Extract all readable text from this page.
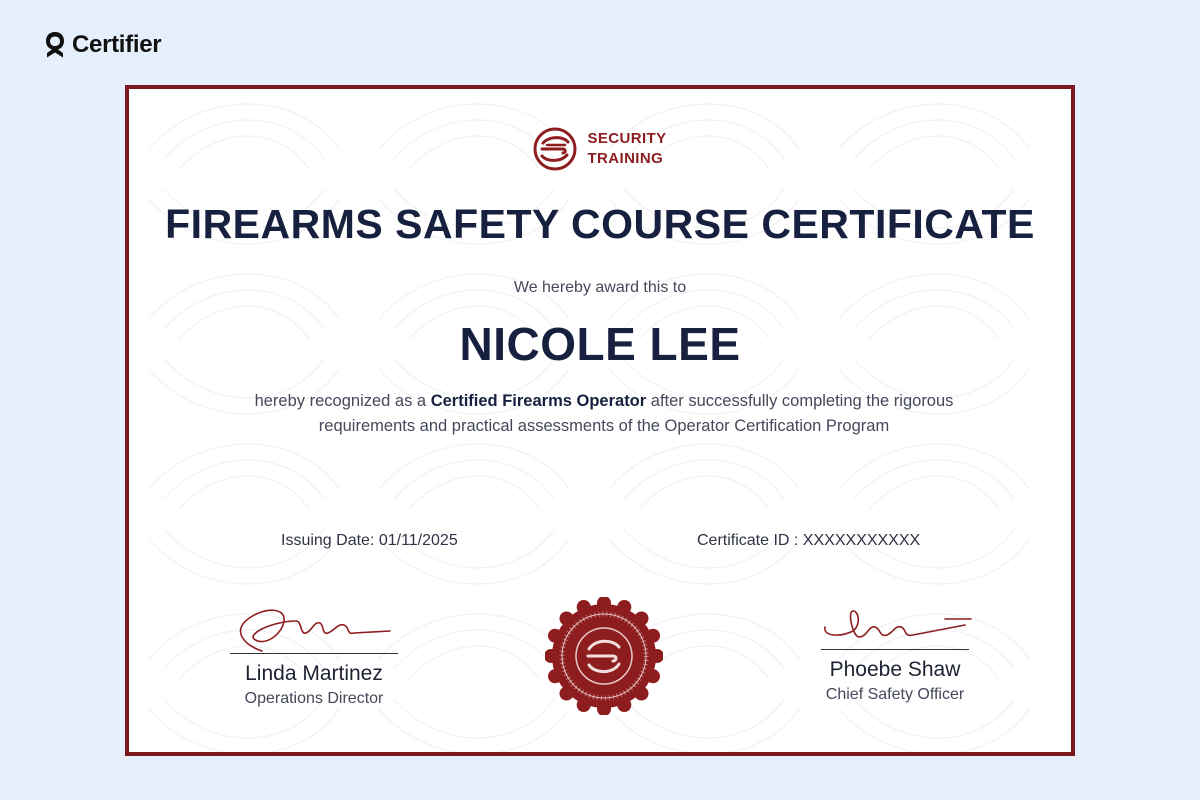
Certifier
SECURITY
TRAINING
FIREARMS SAFETY COURSE CERTIFICATE
We hereby award this to
NICOLE LEE
hereby recognized as a Certified Firearms Operator after successfully completing the rigorous requirements and practical assessments of the Operator Certification Program
Issuing Date: 01/11/2025	Certificate ID : XXXXXXXXXXX
Linda Martinez
Operations Director
Phoebe Shaw
Chief Safety Officer
